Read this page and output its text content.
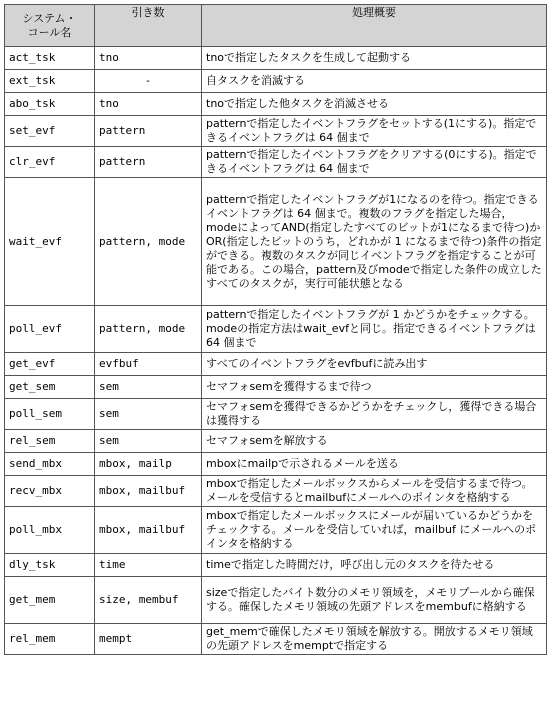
システム・
コール名	引き数	処理概要
act_tsk	tno	tnoで指定したタスクを生成して起動する
ext_tsk	-	自タスクを消滅する
abo_tsk	tno	tnoで指定した他タスクを消滅させる
set_evf	pattern	patternで指定したイベントフラグをセットする(1にする)。指定できるイベントフラグは 64 個まで
clr_evf	pattern	patternで指定したイベントフラグをクリアする(0にする)。指定できるイベントフラグは 64 個まで
wait_evf	pattern, mode	patternで指定したイベントフラグが1になるのを待つ。指定できるイベントフラグは 64 個まで。複数のフラグを指定した場合，modeによってAND(指定したすべてのビットが1になるまで待つ)かOR(指定したビットのうち，どれかが 1 になるまで待つ)条件の指定ができる。複数のタスクが同じイベントフラグを指定することが可能である。この場合，pattern及びmodeで指定した条件の成立したすべてのタスクが，実行可能状態となる
poll_evf	pattern, mode	patternで指定したイベントフラグが 1 かどうかをチェックする。modeの指定方法はwait_evfと同じ。指定できるイベントフラグは 64 個まで
get_evf	evfbuf	すべてのイベントフラグをevfbufに読み出す
get_sem	sem	セマフォsemを獲得するまで待つ
poll_sem	sem	セマフォsemを獲得できるかどうかをチェックし，獲得できる場合は獲得する
rel_sem	sem	セマフォsemを解放する
send_mbx	mbox, mailp	mboxにmailpで示されるメールを送る
recv_mbx	mbox, mailbuf	mboxで指定したメールボックスからメールを受信するまで待つ。メールを受信するとmailbufにメールへのポインタを格納する
poll_mbx	mbox, mailbuf	mboxで指定したメールボックスにメールが届いているかどうかをチェックする。メールを受信していれば，mailbuf にメールへのポインタを格納する
dly_tsk	time	timeで指定した時間だけ，呼び出し元のタスクを待たせる
get_mem	size, membuf	sizeで指定したバイト数分のメモリ領域を，メモリプールから確保する。確保したメモリ領域の先頭アドレスをmembufに格納する
rel_mem	mempt	get_memで確保したメモリ領域を解放する。開放するメモリ領域の先頭アドレスをmemptで指定する
